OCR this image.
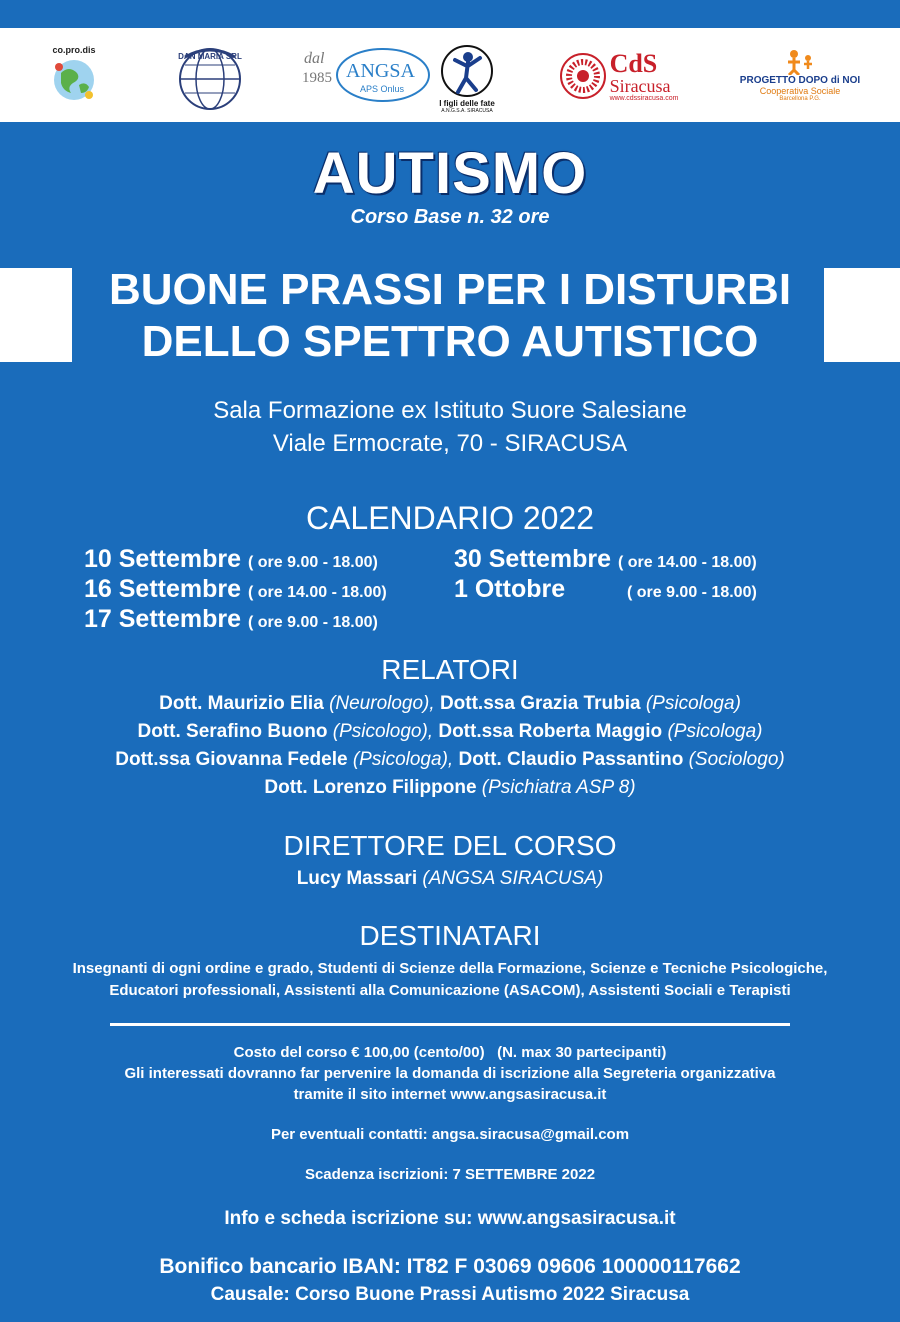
co.pro.dis
DAN MARIA SRL	dal
1985 ANGSA
APS Onlus
I figli delle fate
A.N.G.S.A. SIRACUSA
CdS
Siracusa
www.cdssiracusa.com
PROGETTO DOPO di NOI
Cooperativa Sociale
Barcellona P.G.
AUTISMO
Corso Base n. 32 ore
BUONE PRASSI PER I DISTURBI
DELLO SPETTRO AUTISTICO
Sala Formazione ex Istituto Suore Salesiane
Viale Ermocrate, 70 - SIRACUSA
CALENDARIO 2022
10 Settembre ( ore 9.00 - 18.00)
16 Settembre ( ore 14.00 - 18.00)
17 Settembre ( ore 9.00 - 18.00)
30 Settembre ( ore 14.00 - 18.00)
1 Ottobre	( ore 9.00 - 18.00)
RELATORI
Dott. Maurizio Elia (Neurologo), Dott.ssa Grazia Trubia (Psicologa)
Dott. Serafino Buono (Psicologo), Dott.ssa Roberta Maggio (Psicologa)
Dott.ssa Giovanna Fedele (Psicologa), Dott. Claudio Passantino (Sociologo)
Dott. Lorenzo Filippone (Psichiatra ASP 8)
DIRETTORE DEL CORSO
Lucy Massari (ANGSA SIRACUSA)
DESTINATARI
Insegnanti di ogni ordine e grado, Studenti di Scienze della Formazione, Scienze e Tecniche Psicologiche,
Educatori professionali, Assistenti alla Comunicazione (ASACOM), Assistenti Sociali e Terapisti
Costo del corso € 100,00 (cento/00)   (N. max 30 partecipanti)
Gli interessati dovranno far pervenire la domanda di iscrizione alla Segreteria organizzativa
tramite il sito internet www.angsasiracusa.it
Per eventuali contatti: angsa.siracusa@gmail.com
Scadenza iscrizioni: 7 SETTEMBRE 2022
Info e scheda iscrizione su: www.angsasiracusa.it
Bonifico bancario IBAN: IT82 F 03069 09606 100000117662
Causale: Corso Buone Prassi Autismo 2022 Siracusa
